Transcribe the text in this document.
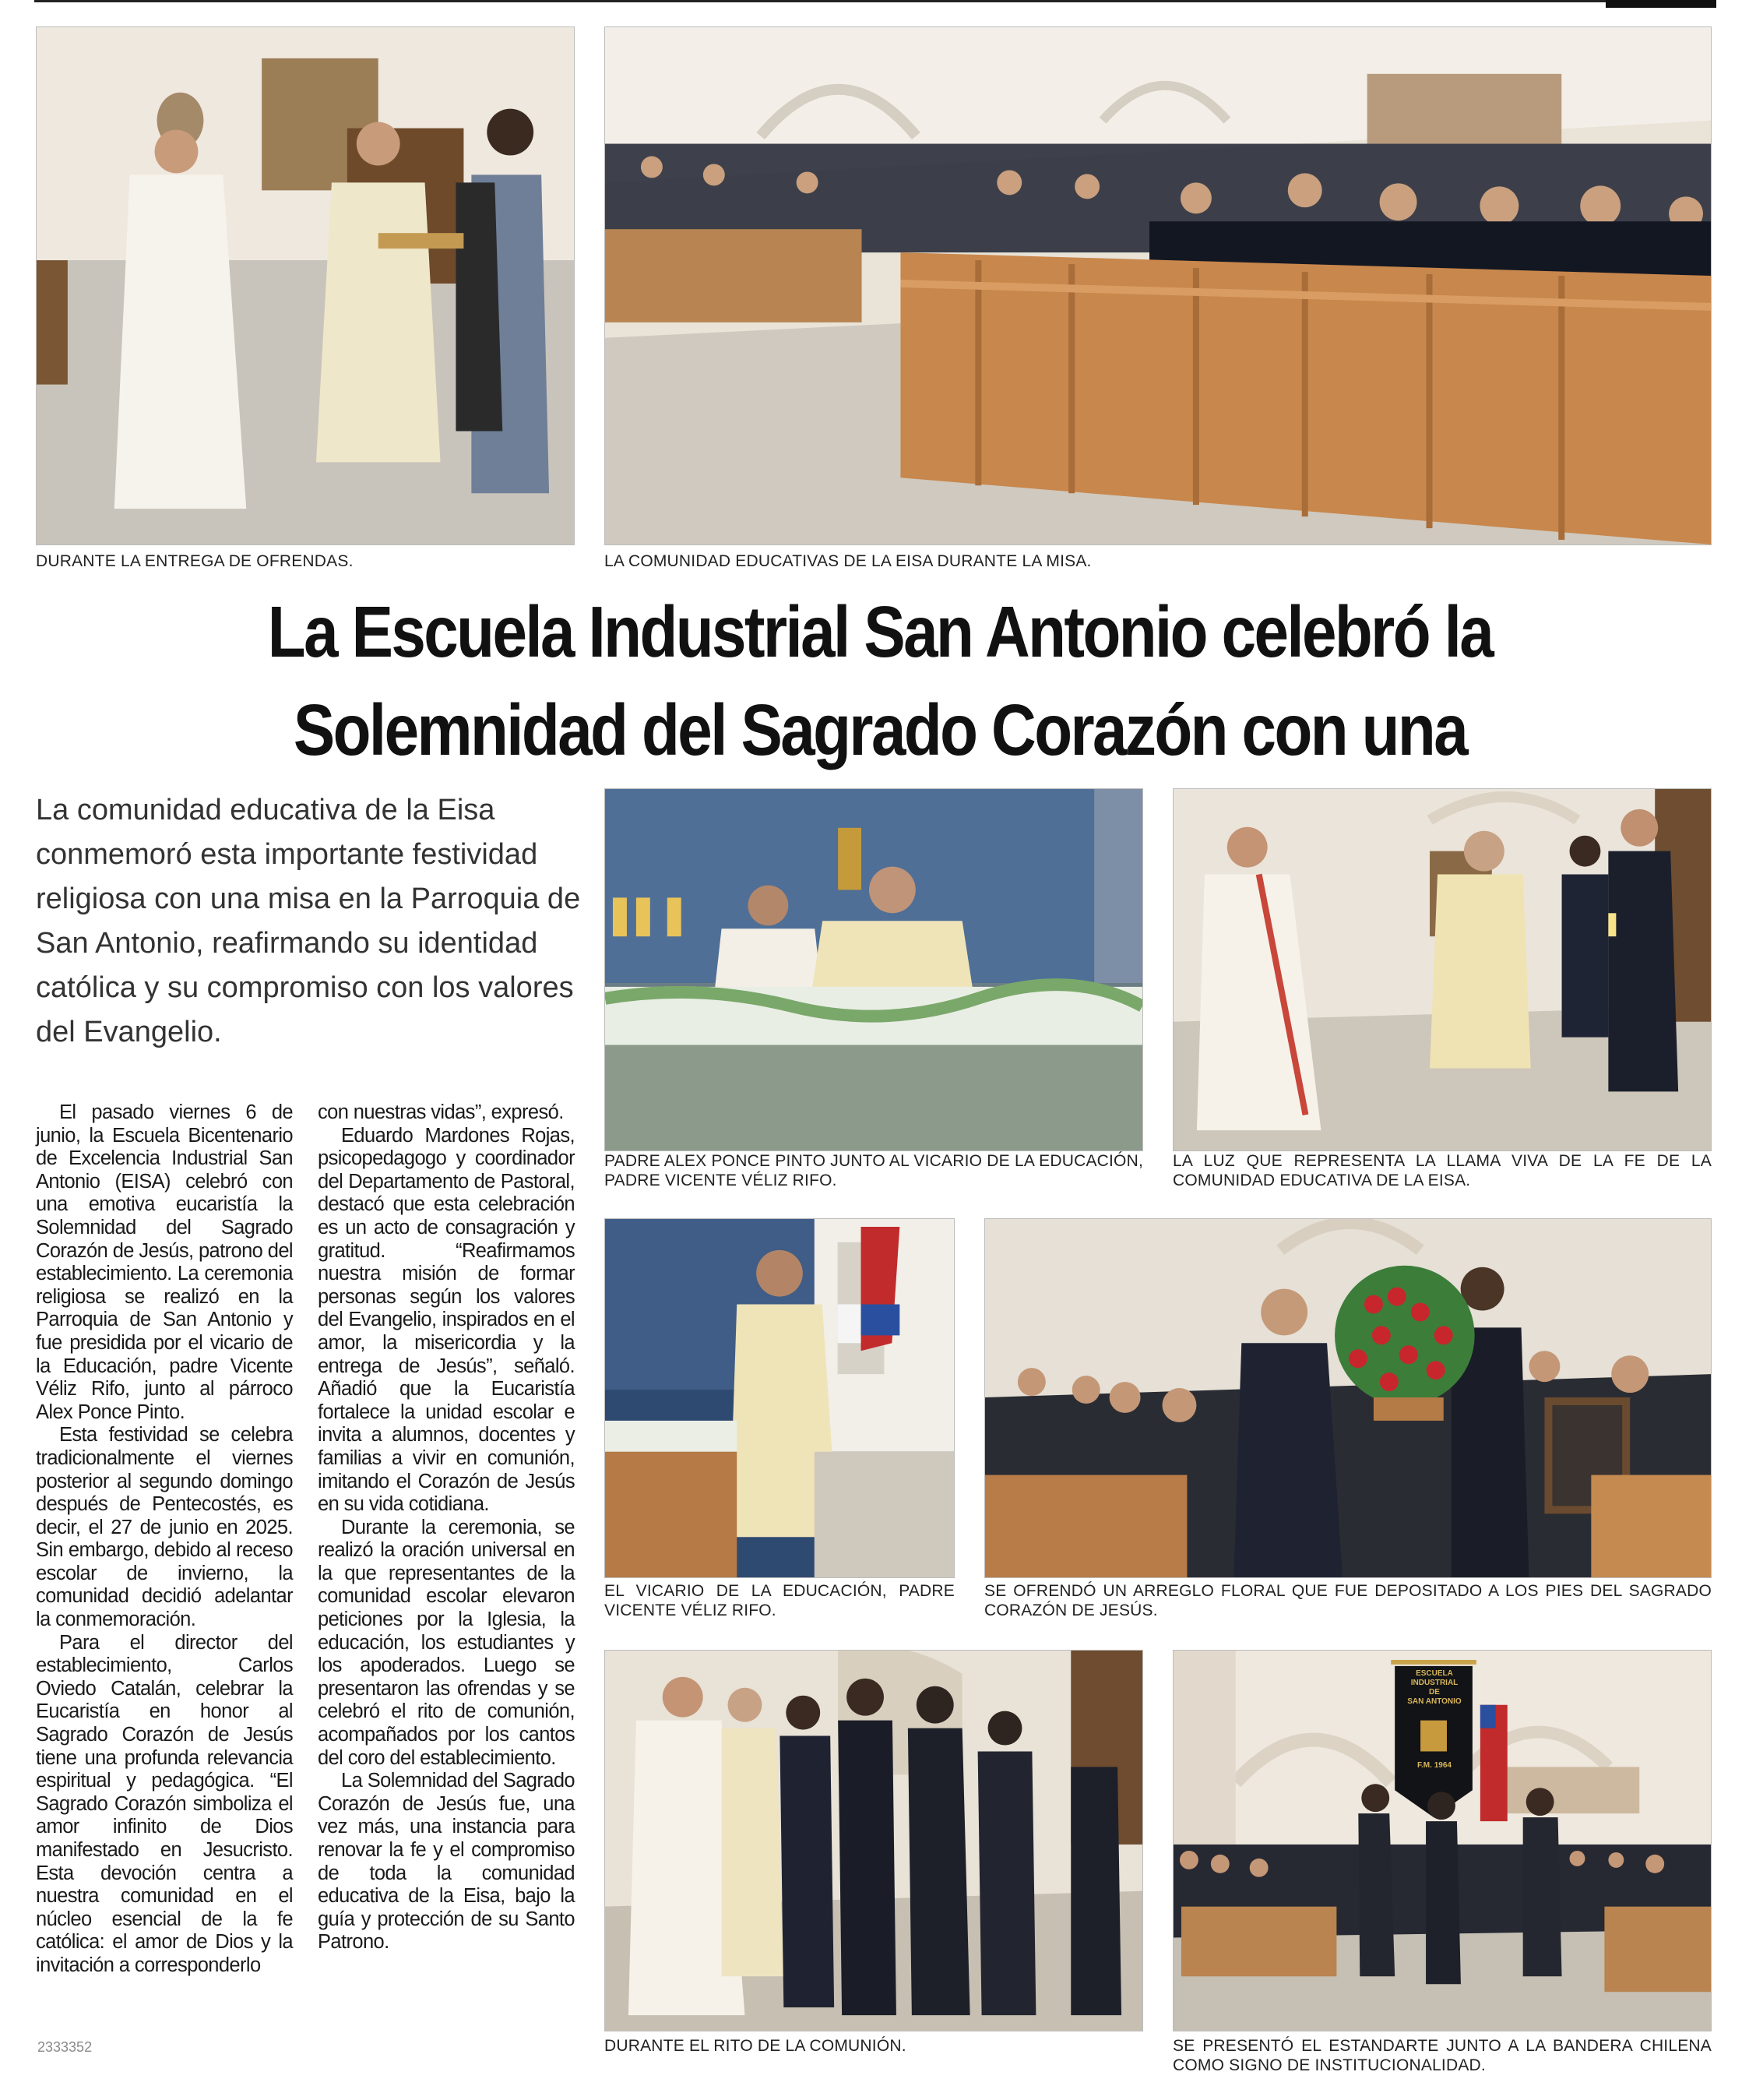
DURANTE LA ENTREGA DE OFRENDAS.	LA COMUNIDAD EDUCATIVAS DE LA EISA DURANTE LA MISA.
La Escuela Industrial San Antonio celebró la
Solemnidad del Sagrado Corazón con una
La comunidad educativa de la Eisa conmemoró esta importante festividad religiosa con una misa en la Parroquia de San Antonio, reafirmando su identidad católica y su compromiso con los valores del Evangelio.

El pasado viernes 6 de junio, la Escuela Bicentenario de Excelencia Industrial San Antonio (EISA) celebró con una emotiva eucaristía la Solemnidad del Sagrado Corazón de Jesús, patrono del establecimiento. La ceremonia religiosa se realizó en la Parroquia de San Antonio y fue presidida por el vicario de la Educación, padre Vicente Véliz Rifo, junto al párroco Alex Ponce Pinto.

Esta festividad se celebra tradicionalmente el viernes posterior al segundo domingo después de Pentecostés, es decir, el 27 de junio en 2025. Sin embargo, debido al receso escolar de invierno, la comunidad decidió adelantar la conmemoración.

Para el director del establecimiento, Carlos Oviedo Catalán, celebrar la Eucaristía en honor al Sagrado Corazón de Jesús tiene una profunda relevancia espiritual y pedagógica. “El Sagrado Corazón simboliza el amor infinito de Dios manifestado en Jesucristo. Esta devoción centra a nuestra comunidad en el núcleo esencial de la fe católica: el amor de Dios y la invitación a corresponderlo

con nuestras vidas”, expresó.

Eduardo Mardones Rojas, psicopedagogo y coordinador del Departamento de Pastoral, destacó que esta celebración es un acto de consagración y gratitud. “Reafirmamos nuestra misión de formar personas según los valores del Evangelio, inspirados en el amor, la misericordia y la entrega de Jesús”, señaló. Añadió que la Eucaristía fortalece la unidad escolar e invita a alumnos, docentes y familias a vivir en comunión, imitando el Corazón de Jesús en su vida cotidiana.

Durante la ceremonia, se realizó la oración universal en la que representantes de la comunidad escolar elevaron peticiones por la Iglesia, la educación, los estudiantes y los apoderados. Luego se presentaron las ofrendas y se celebró el rito de comunión, acompañados por los cantos del coro del establecimiento.

La Solemnidad del Sagrado Corazón de Jesús fue, una vez más, una instancia para renovar la fe y el compromiso de toda la comunidad educativa de la Eisa, bajo la guía y protección de su Santo Patrono.

PADRE ALEX PONCE PINTO JUNTO AL VICARIO DE LA EDUCACIÓN, PADRE VICENTE VÉLIZ RIFO.
LA LUZ QUE REPRESENTA LA LLAMA VIVA DE LA FE DE LA COMUNIDAD EDUCATIVA DE LA EISA.
EL VICARIO DE LA EDUCACIÓN, PADRE VICENTE VÉLIZ RIFO.
SE OFRENDÓ UN ARREGLO FLORAL QUE FUE DEPOSITADO A LOS PIES DEL SAGRADO CORAZÓN DE JESÚS.
DURANTE EL RITO DE LA COMUNIÓN.
ESCUELA INDUSTRIAL
DE
SAN ANTONIO
F.M. 1964
SE PRESENTÓ EL ESTANDARTE JUNTO A LA BANDERA CHILENA COMO SIGNO DE INSTITUCIONALIDAD.
2333352
